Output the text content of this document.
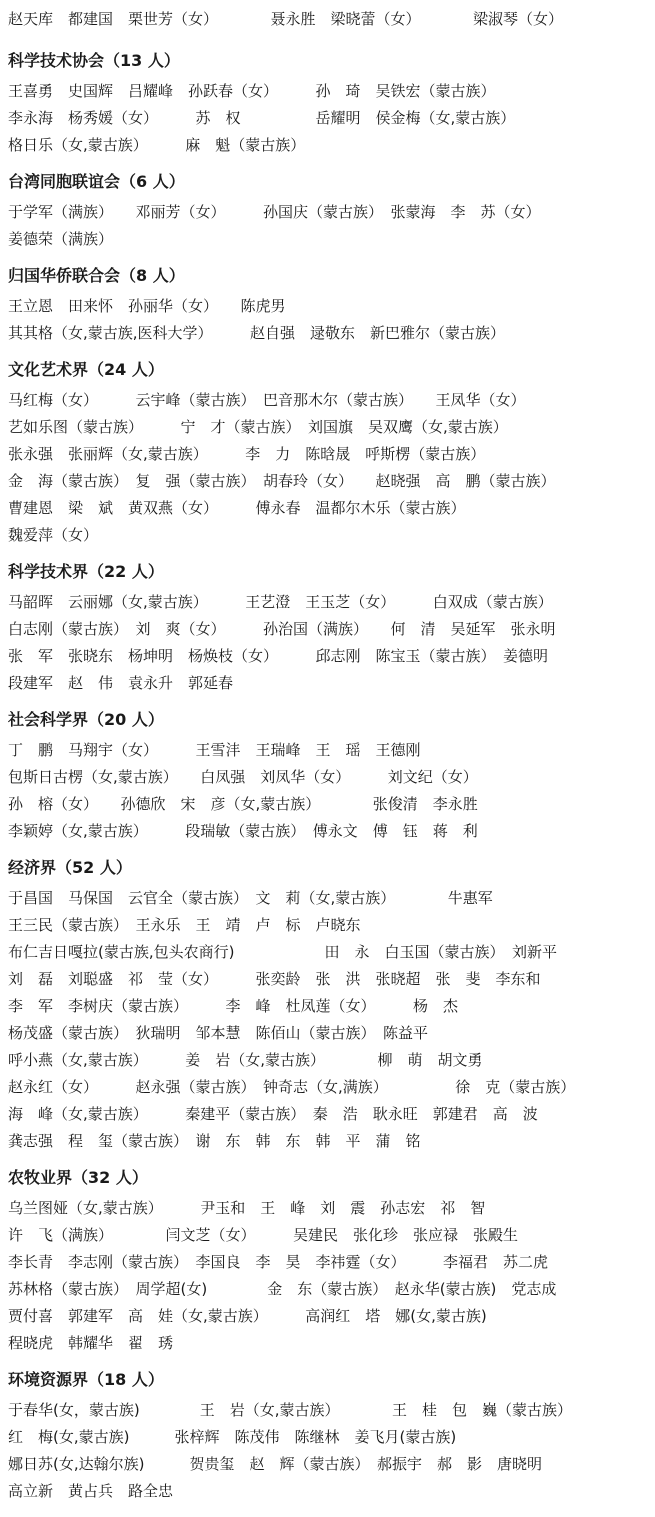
赵天库　都建国　栗世芳（女）　　　　聂永胜　梁晓蕾（女）　　　　梁淑琴（女）
科学技术协会（13 人）
王喜勇　史国辉　吕耀峰　孙跃春（女）　　　孙　琦　吴铁宏（蒙古族）
李永海　杨秀媛（女）　　　苏　权　　　　　岳耀明　侯金梅（女,蒙古族）
格日乐（女,蒙古族）　　　麻　魁（蒙古族）
台湾同胞联谊会（6 人）
于学军（满族）　　邓丽芳（女）　　　孙国庆（蒙古族）　张蒙海　李　苏（女）
姜德荣（满族）
归国华侨联合会（8 人）
王立恩　田来怀　孙丽华（女）　　陈虎男
其其格（女,蒙古族,医科大学）　　　赵自强　逯敬东　新巴雅尔（蒙古族）
文化艺术界（24 人）
马红梅（女）　　　云宇峰（蒙古族）　巴音那木尔（蒙古族）　　王凤华（女）
艺如乐图（蒙古族）　　　宁　才（蒙古族）　刘国旗　吴双鹰（女,蒙古族）
张永强　张丽辉（女,蒙古族）　　　李　力　陈晗晟　呼斯楞（蒙古族）
金　海（蒙古族）　复　强（蒙古族）　胡春玲（女）　　赵晓强　高　鹏（蒙古族）
曹建恩　梁　斌　黄双燕（女）　　　傅永春　温都尔木乐（蒙古族）
魏爱萍（女）
科学技术界（22 人）
马韶晖　云丽娜（女,蒙古族）　　　王艺澄　王玉芝（女）　　　白双成（蒙古族）
白志刚（蒙古族）　刘　爽（女）　　　孙治国（满族）　　何　清　吴延军　张永明
张　军　张晓东　杨坤明　杨焕枝（女）　　　邱志刚　陈宝玉（蒙古族）　姜德明
段建军　赵　伟　袁永升　郭延春
社会科学界（20 人）
丁　鹏　马翔宇（女）　　　王雪沣　王瑞峰　王　瑶　王德刚
包斯日古楞（女,蒙古族）　　白凤强　刘凤华（女）　　　刘文纪（女）
孙　榕（女）　　孙德欣　宋　彦（女,蒙古族）　　　　张俊清　李永胜
李颖婷（女,蒙古族）　　　段瑞敏（蒙古族）　傅永文　傅　钰　蒋　利
经济界（52 人）
于昌国　马保国　云官全（蒙古族）　文　莉（女,蒙古族）　　　　牛惠军
王三民（蒙古族）　王永乐　王　靖　卢　标　卢晓东
布仁吉日嘎拉(蒙古族,包头农商行)　　　　　　田　永　白玉国（蒙古族）　刘新平
刘　磊　刘聪盛　祁　莹（女）　　　张奕龄　张　洪　张晓超　张　斐　李东和
李　军　李树庆（蒙古族）　　　李　峰　杜凤莲（女）　　　杨　杰
杨茂盛（蒙古族）　狄瑞明　邹本慧　陈佰山（蒙古族）　陈益平
呼小燕（女,蒙古族）　　　姜　岩（女,蒙古族）　　　　柳　萌　胡文勇
赵永红（女）　　　赵永强（蒙古族）　钟奇志（女,满族）　　　　　徐　克（蒙古族）
海　峰（女,蒙古族）　　　秦建平（蒙古族）　秦　浩　耿永旺　郭建君　高　波
龚志强　程　玺（蒙古族）　谢　东　韩　东　韩　平　蒲　铭
农牧业界（32 人）
乌兰图娅（女,蒙古族）　　　尹玉和　王　峰　刘　震　孙志宏　祁　智
许　飞（满族）　　　　闫文芝（女）　　　吴建民　张化珍　张应禄　张殿生
李长青　李志刚（蒙古族）　李国良　李　昊　李祎霆（女）　　　李福君　苏二虎
苏林格（蒙古族）　周学超(女)　　　　金　东（蒙古族）　赵永华(蒙古族)　党志成
贾付喜　郭建军　高　娃（女,蒙古族）　　　高润红　塔　娜(女,蒙古族)
程晓虎　韩耀华　翟　琇
环境资源界（18 人）
于春华(女，蒙古族)　　　　王　岩（女,蒙古族）　　　　王　桂　包　巍（蒙古族）
红　梅(女,蒙古族)　　　张梓辉　陈茂伟　陈继林　姜飞月(蒙古族)
娜日苏(女,达翰尔族)　　　贺贵玺　赵　辉（蒙古族）　郝振宇　郝　影　唐晓明
高立新　黄占兵　路全忠
